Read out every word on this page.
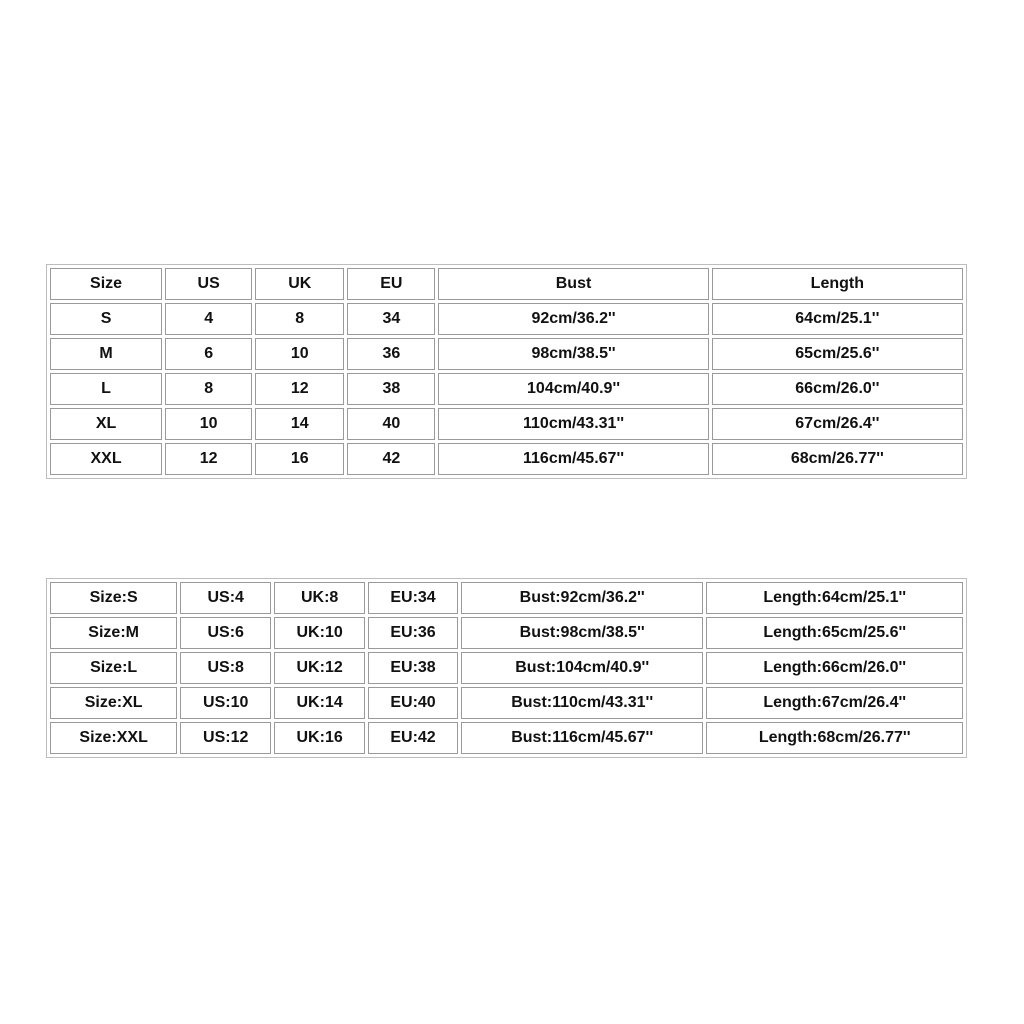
Size	US	UK	EU	Bust	Length
S	4	8	34	92cm/36.2''	64cm/25.1''
M	6	10	36	98cm/38.5''	65cm/25.6''
L	8	12	38	104cm/40.9''	66cm/26.0''
XL	10	14	40	110cm/43.31''	67cm/26.4''
XXL	12	16	42	116cm/45.67''	68cm/26.77''
Size:S	US:4	UK:8	EU:34	Bust:92cm/36.2''	Length:64cm/25.1''
Size:M	US:6	UK:10	EU:36	Bust:98cm/38.5''	Length:65cm/25.6''
Size:L	US:8	UK:12	EU:38	Bust:104cm/40.9''	Length:66cm/26.0''
Size:XL	US:10	UK:14	EU:40	Bust:110cm/43.31''	Length:67cm/26.4''
Size:XXL	US:12	UK:16	EU:42	Bust:116cm/45.67''	Length:68cm/26.77''
